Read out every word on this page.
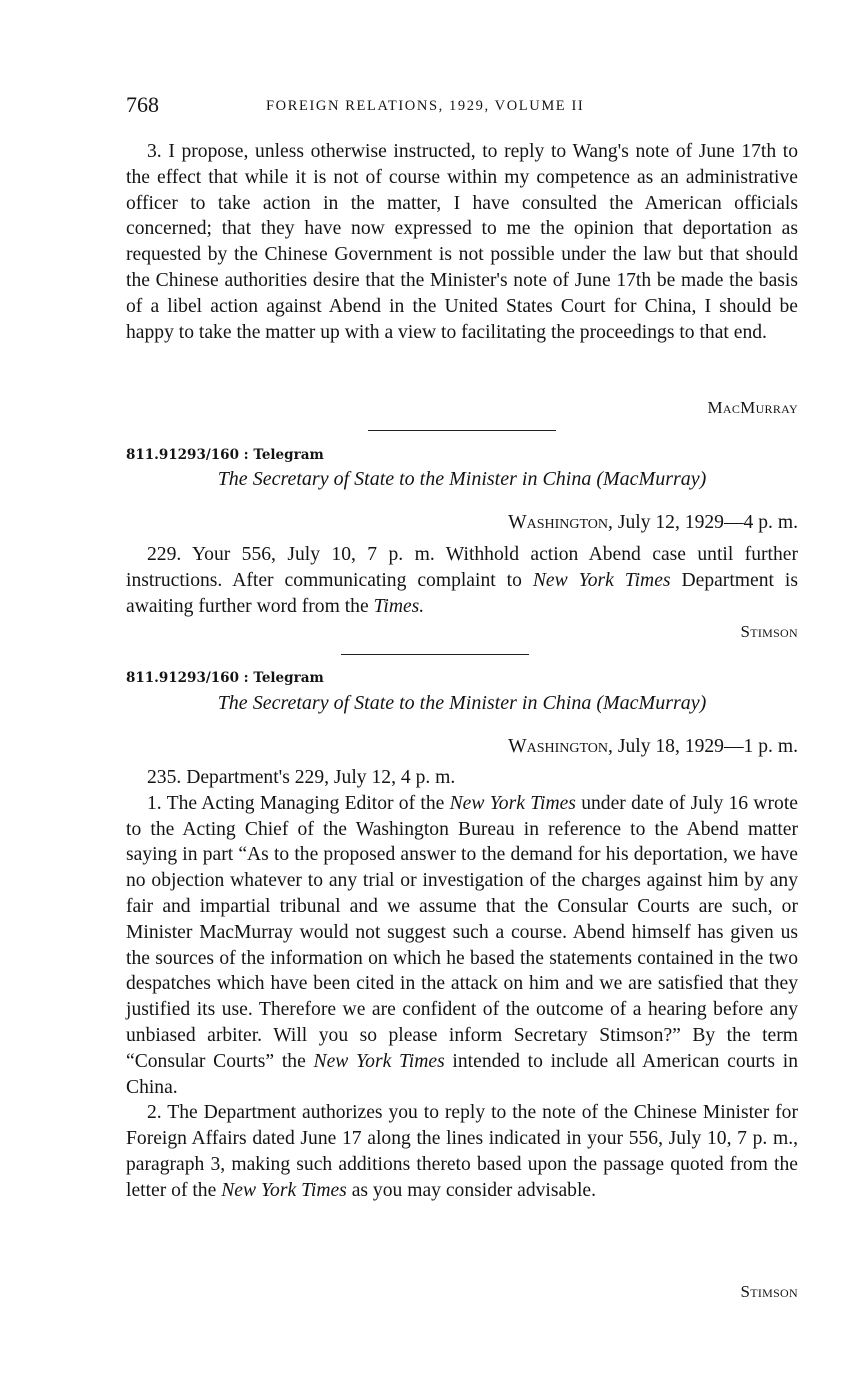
768	FOREIGN RELATIONS, 1929, VOLUME II

3. I propose, unless otherwise instructed, to reply to Wang's note of June 17th to the effect that while it is not of course within my competence as an administrative officer to take action in the matter, I have consulted the American officials concerned; that they have now expressed to me the opinion that deportation as requested by the Chinese Government is not possible under the law but that should the Chinese authorities desire that the Minister's note of June 17th be made the basis of a libel action against Abend in the United States Court for China, I should be happy to take the matter up with a view to facilitating the proceedings to that end.

MacMurray
811.91293/160 : Telegram
The Secretary of State to the Minister in China (MacMurray)
Washington, July 12, 1929—4 p. m.

229. Your 556, July 10, 7 p. m. Withhold action Abend case until further instructions. After communicating complaint to New York Times Department is awaiting further word from the Times.

Stimson
811.91293/160 : Telegram
The Secretary of State to the Minister in China (MacMurray)
Washington, July 18, 1929—1 p. m.

235. Department's 229, July 12, 4 p. m.

1. The Acting Managing Editor of the New York Times under date of July 16 wrote to the Acting Chief of the Washington Bureau in reference to the Abend matter saying in part “As to the proposed answer to the demand for his deportation, we have no objection whatever to any trial or investigation of the charges against him by any fair and impartial tribunal and we assume that the Consular Courts are such, or Minister MacMurray would not suggest such a course. Abend himself has given us the sources of the information on which he based the statements contained in the two despatches which have been cited in the attack on him and we are satisfied that they justified its use. Therefore we are confident of the outcome of a hearing before any unbiased arbiter. Will you so please inform Secretary Stimson?” By the term “Consular Courts” the New York Times intended to include all American courts in China.

2. The Department authorizes you to reply to the note of the Chinese Minister for Foreign Affairs dated June 17 along the lines indicated in your 556, July 10, 7 p. m., paragraph 3, making such additions thereto based upon the passage quoted from the letter of the New York Times as you may consider advisable.

Stimson
